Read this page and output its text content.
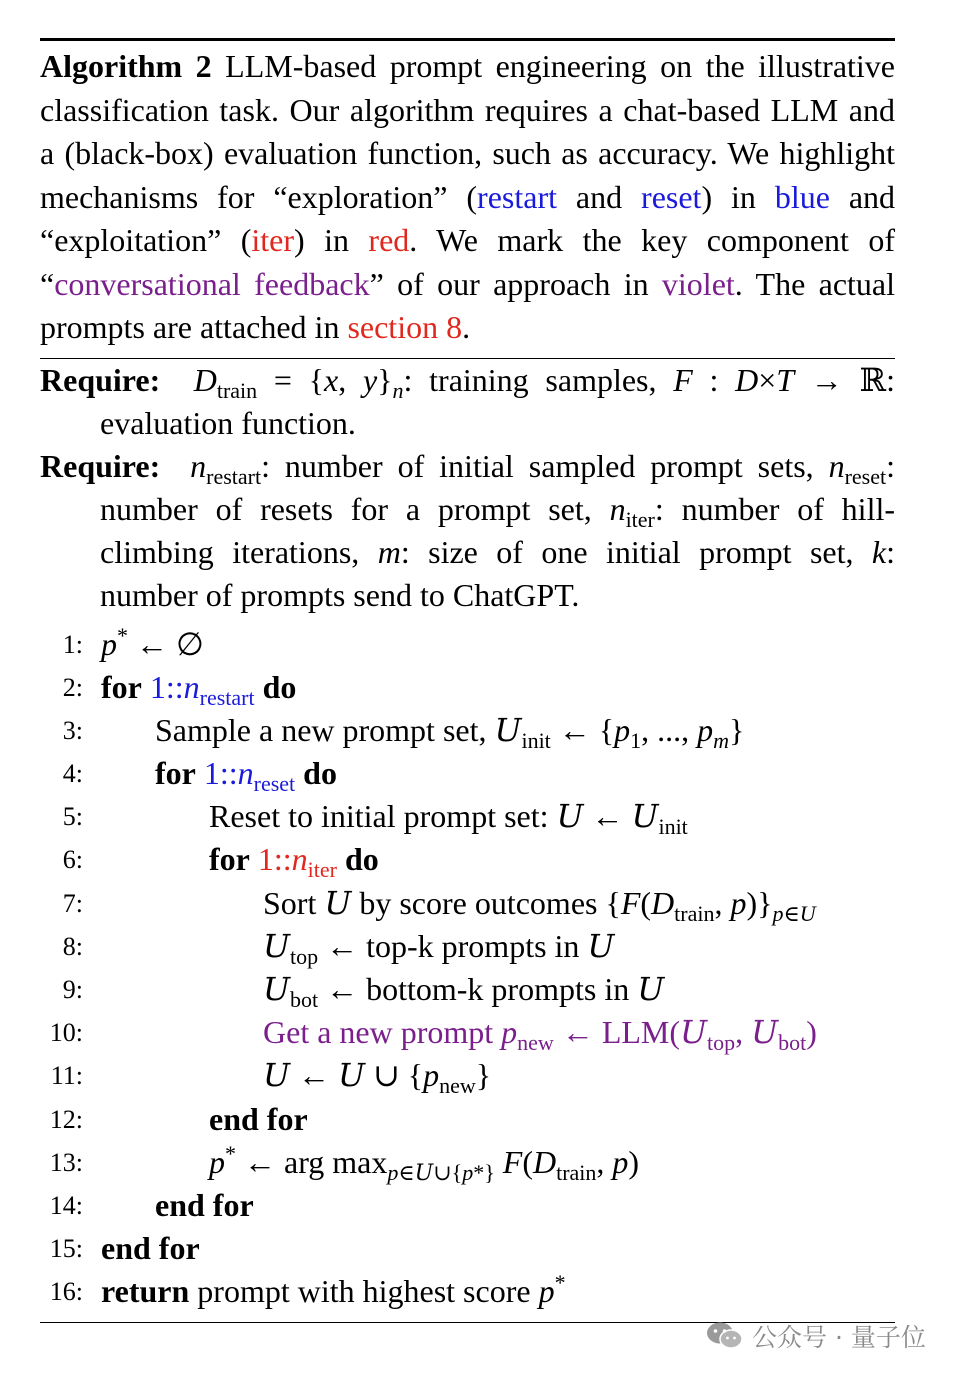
Algorithm 2 LLM-based prompt engineering on the illustrative classification task. Our algorithm requires a chat-based LLM and a (black-box) evaluation function, such as accuracy. We highlight mechanisms for “exploration” (restart and reset) in blue and “exploitation” (iter) in red. We mark the key component of “conversational feedback” of our approach in violet. The actual prompts are attached in section 8.

Require: $D_{train} = \{x$, $y\}_n$: training samples, F : D×T → ℝ: evaluation function.
Require: $n_{restart}$: number of initial sampled prompt sets, $n_{reset}$: number of resets for a prompt set, $n_{iter}$: number of hill-climbing iterations, m: size of one initial prompt set, k: number of prompts send to ChatGPT.
1: p* ← ∅
2: for $1::n_{restart}$ do
3: Sample a new prompt set, $U_{init}$ ← {$p_1$, ..., $p_m$}
4: for $1::n_{reset}$ do
5:	Reset to initial prompt set: U ← $U_{init}$
6:	for $1::n_{iter}$ do
7:	Sort U by score outcomes {$F(D_{train}$, $p)\}_{p\in U}$
8:	$U_{top}$ ← top-k prompts in U
9:	$U_{bot}$ ← bottom-k prompts in U
10:	Get a new prompt $p_{new}$ ← $LLM(U_{top}$, $U_{bot}$)
11:	U ← U ∪ $\{p_{new}\}$
12:	end for
13:	p* ← arg $\max_{p\in U\cup\{p*\}} F(D_{train}$, p)
14: end for
15: end for
16: return prompt with highest score p*
公众号 · 量子位
